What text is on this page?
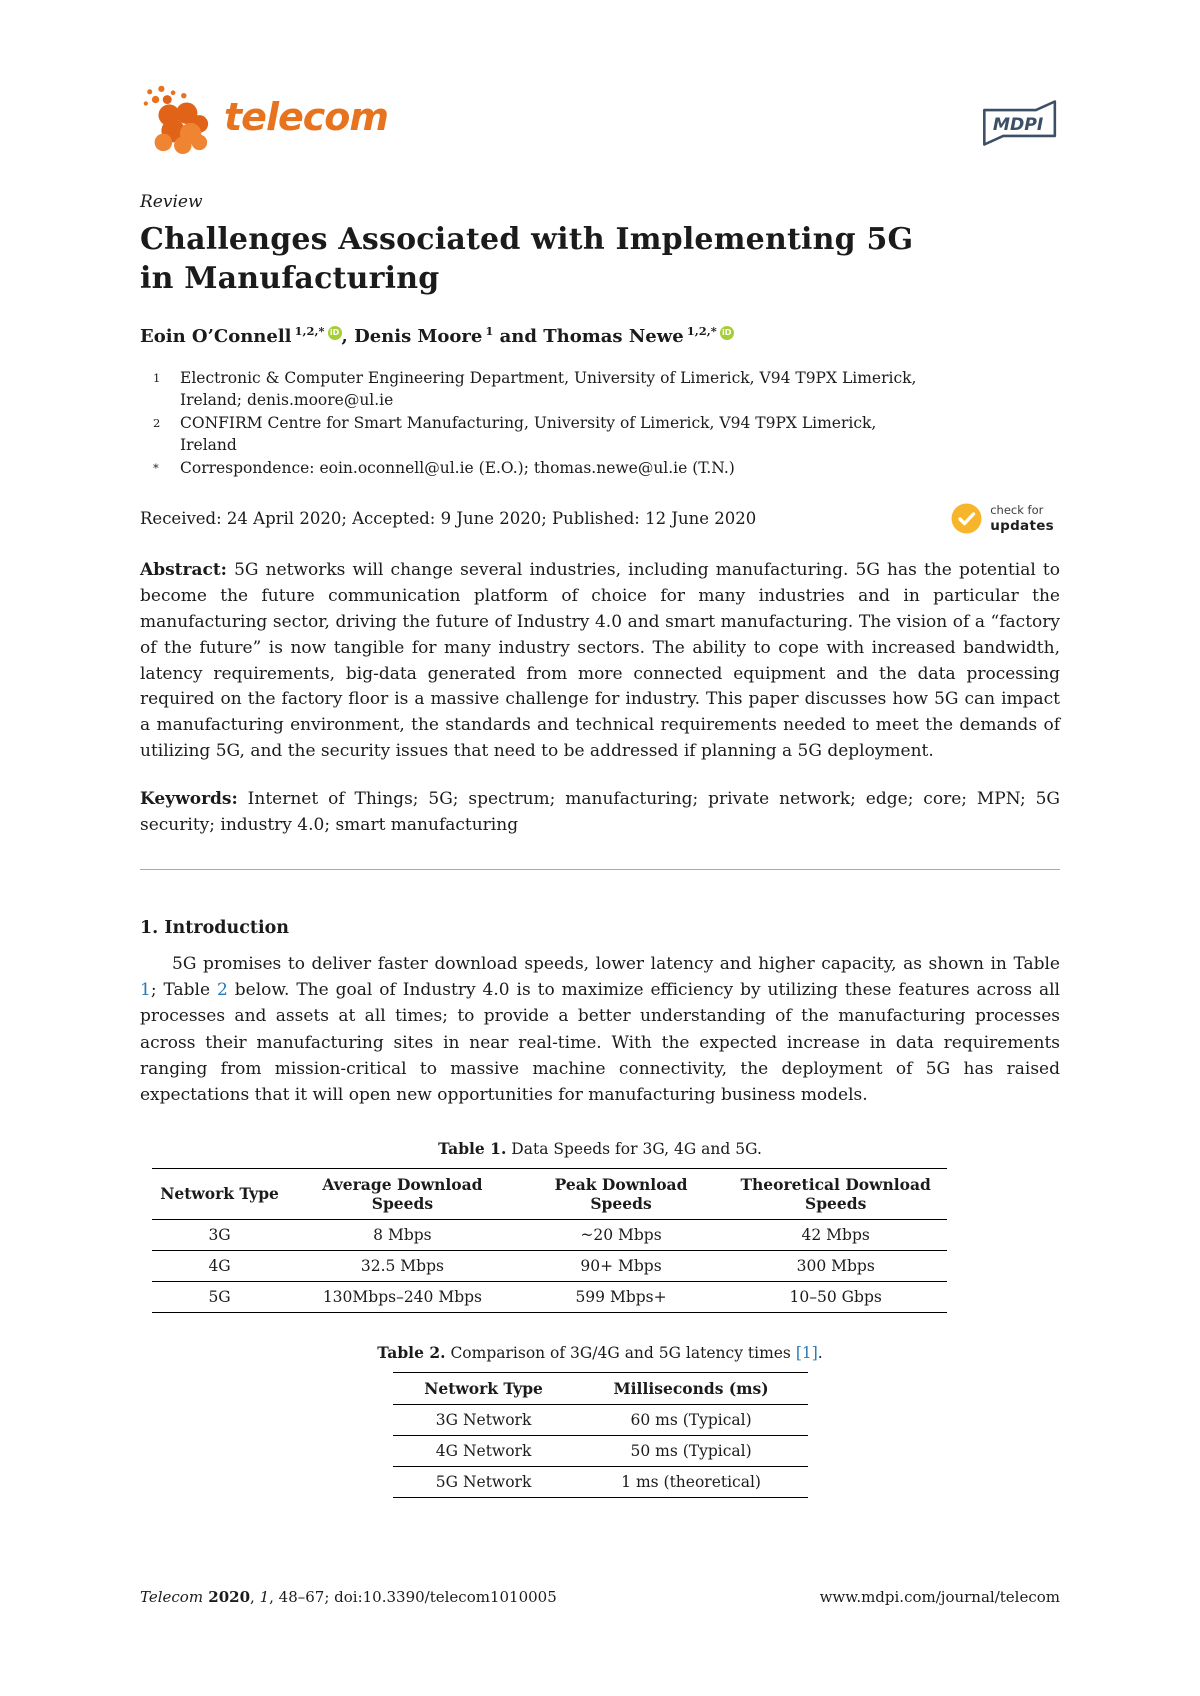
telecom	MDPI
Review
Challenges Associated with Implementing 5G
in Manufacturing
Eoin O’Connell $^{1,2,*}$ iD , Denis Moore $^1$ and Thomas Newe $^{1,2,*}$ iD
1	Electronic & Computer Engineering Department, University of Limerick, V94 T9PX Limerick, Ireland; denis.moore@ul.ie
2	CONFIRM Centre for Smart Manufacturing, University of Limerick, V94 T9PX Limerick, Ireland
*	Correspondence: eoin.oconnell@ul.ie (E.O.); thomas.newe@ul.ie (T.N.)
Received: 24 April 2020; Accepted: 9 June 2020; Published: 12 June 2020	check for
updates

Abstract: 5G networks will change several industries, including manufacturing. 5G has the potential to become the future communication platform of choice for many industries and in particular the manufacturing sector, driving the future of Industry 4.0 and smart manufacturing. The vision of a “factory of the future” is now tangible for many industry sectors. The ability to cope with increased bandwidth, latency requirements, big-data generated from more connected equipment and the data processing required on the factory floor is a massive challenge for industry. This paper discusses how 5G can impact a manufacturing environment, the standards and technical requirements needed to meet the demands of utilizing 5G, and the security issues that need to be addressed if planning a 5G deployment.

Keywords: Internet of Things; 5G; spectrum; manufacturing; private network; edge; core; MPN; 5G security; industry 4.0; smart manufacturing

1. Introduction

5G promises to deliver faster download speeds, lower latency and higher capacity, as shown in Table 1; Table 2 below. The goal of Industry 4.0 is to maximize efficiency by utilizing these features across all processes and assets at all times; to provide a better understanding of the manufacturing processes across their manufacturing sites in near real-time. With the expected increase in data requirements ranging from mission-critical to massive machine connectivity, the deployment of 5G has raised expectations that it will open new opportunities for manufacturing business models.

Table 1. Data Speeds for 3G, 4G and 5G.
Network Type	Average Download Speeds	Peak Download Speeds	Theoretical Download Speeds
3G	8 Mbps	~20 Mbps	42 Mbps
4G	32.5 Mbps	90+ Mbps	300 Mbps
5G	130Mbps–240 Mbps	599 Mbps+	10–50 Gbps
Table 2. Comparison of 3G/4G and 5G latency times [1].
Network Type	Milliseconds (ms)
3G Network	60 ms (Typical)
4G Network	50 ms (Typical)
5G Network	1 ms (theoretical)
Telecom 2020, 1, 48–67; doi:10.3390/telecom1010005	www.mdpi.com/journal/telecom
